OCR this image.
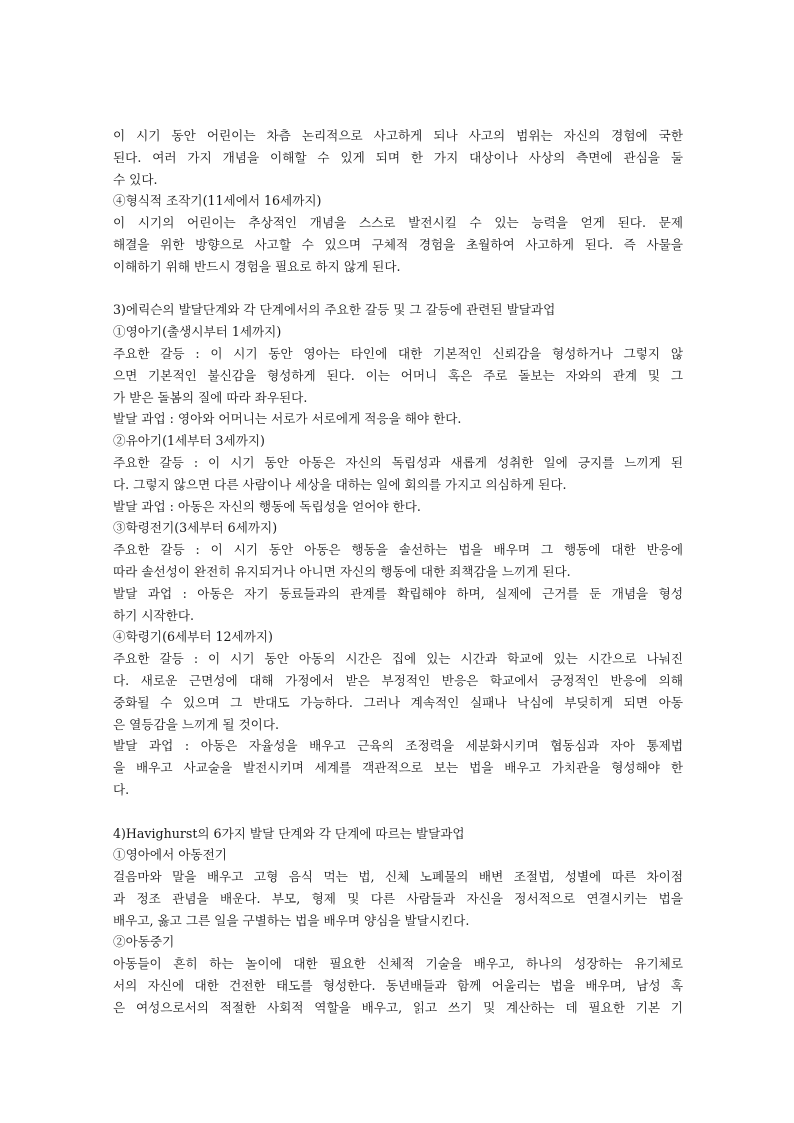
이 시기 동안 어린이는 차츰 논리적으로 사고하게 되나 사고의 범위는 자신의 경험에 국한
된다. 여러 가지 개념을 이해할 수 있게 되며 한 가지 대상이나 사상의 측면에 관심을 둘
수 있다.
④형식적 조작기(11세에서 16세까지)
이 시기의 어린이는 추상적인 개념을 스스로 발전시킬 수 있는 능력을 얻게 된다. 문제
해결을 위한 방향으로 사고할 수 있으며 구체적 경험을 초월하여 사고하게 된다. 즉 사물을
이해하기 위해 반드시 경험을 필요로 하지 않게 된다.
3)에릭슨의 발달단계와 각 단계에서의 주요한 갈등 및 그 갈등에 관련된 발달과업
①영아기(출생시부터 1세까지)
주요한 갈등 : 이 시기 동안 영아는 타인에 대한 기본적인 신뢰감을 형성하거나 그렇지 않
으면 기본적인 불신감을 형성하게 된다. 이는 어머니 혹은 주로 돌보는 자와의 관계 및 그
가 받은 돌봄의 질에 따라 좌우된다.
발달 과업 : 영아와 어머니는 서로가 서로에게 적응을 해야 한다.
②유아기(1세부터 3세까지)
주요한 갈등 : 이 시기 동안 아동은 자신의 독립성과 새롭게 성취한 일에 긍지를 느끼게 된
다. 그렇지 않으면 다른 사람이나 세상을 대하는 일에 회의를 가지고 의심하게 된다.
발달 과업 : 아동은 자신의 행동에 독립성을 얻어야 한다.
③학령전기(3세부터 6세까지)
주요한 갈등 : 이 시기 동안 아동은 행동을 솔선하는 법을 배우며 그 행동에 대한 반응에
따라 솔선성이 완전히 유지되거나 아니면 자신의 행동에 대한 죄책감을 느끼게 된다.
발달 과업 : 아동은 자기 동료들과의 관계를 확립해야 하며, 실제에 근거를 둔 개념을 형성
하기 시작한다.
④학령기(6세부터 12세까지)
주요한 갈등 : 이 시기 동안 아동의 시간은 집에 있는 시간과 학교에 있는 시간으로 나눠진
다. 새로운 근면성에 대해 가정에서 받은 부정적인 반응은 학교에서 긍정적인 반응에 의해
중화될 수 있으며 그 반대도 가능하다. 그러나 계속적인 실패나 낙심에 부딪히게 되면 아동
은 열등감을 느끼게 될 것이다.
발달 과업 : 아동은 자율성을 배우고 근육의 조정력을 세분화시키며 협동심과 자아 통제법
을 배우고 사교술을 발전시키며 세계를 객관적으로 보는 법을 배우고 가치관을 형성해야 한
다.
4)Havighurst의 6가지 발달 단계와 각 단계에 따르는 발달과업
①영아에서 아동전기
걸음마와 말을 배우고 고형 음식 먹는 법, 신체 노폐물의 배변 조절법, 성별에 따른 차이점
과 정조 관념을 배운다. 부모, 형제 및 다른 사람들과 자신을 정서적으로 연결시키는 법을
배우고, 옳고 그른 일을 구별하는 법을 배우며 양심을 발달시킨다.
②아동중기
아동들이 흔히 하는 놀이에 대한 필요한 신체적 기술을 배우고, 하나의 성장하는 유기체로
서의 자신에 대한 건전한 태도를 형성한다. 동년배들과 함께 어울리는 법을 배우며, 남성 혹
은 여성으로서의 적절한 사회적 역할을 배우고, 읽고 쓰기 및 계산하는 데 필요한 기본 기
